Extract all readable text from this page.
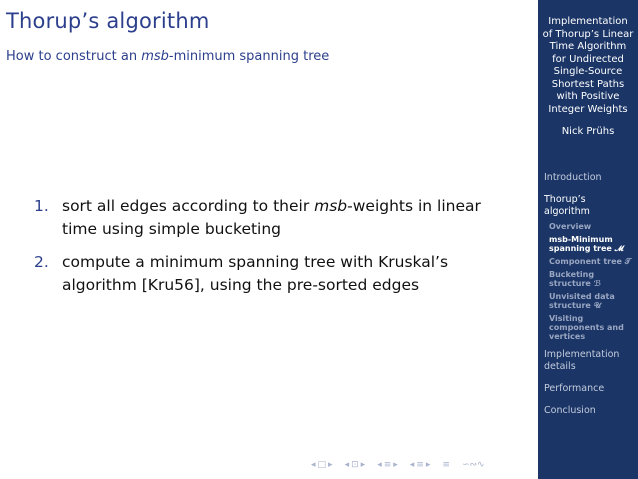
Thorup’s algorithm
How to construct an msb-minimum spanning tree
1. sort all edges according to their msb-weights in linear time using simple bucketing
2. compute a minimum spanning tree with Kruskal’s algorithm [Kru56], using the pre-sorted edges
◂ □ ▸ ◂ ⊡ ▸ ◂ ≡ ▸ ◂ ≡ ▸ ≡ ∽∾∿
Implementation of Thorup’s Linear Time Algorithm for Undirected Single-Source Shortest Paths with Positive Integer Weights
Nick Prühs
Introduction
Thorup’s algorithm
Overview
msb-Minimum spanning tree 𝓜
Component tree 𝒯
Bucketing structure ℬ
Unvisited data structure 𝒰
Visiting components and vertices
Implementation details
Performance
Conclusion
